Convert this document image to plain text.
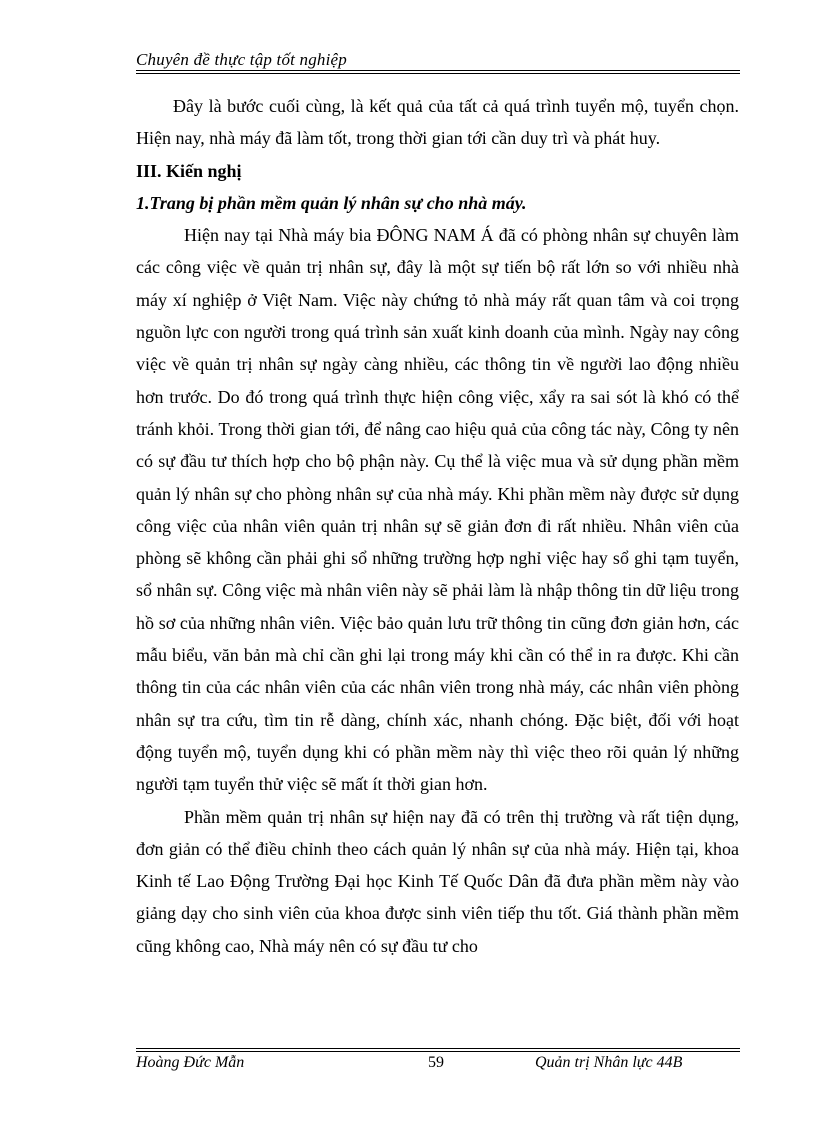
Chuyên đề thực tập tốt nghiệp

Đây là bước cuối cùng, là kết quả của tất cả quá trình tuyển mộ, tuyển chọn. Hiện nay, nhà máy đã làm tốt, trong thời gian tới cần duy trì và phát huy.

III. Kiến nghị

1.Trang bị phần mềm quản lý nhân sự cho nhà máy.

Hiện nay tại Nhà máy bia ĐÔNG NAM Á đã có phòng nhân sự chuyên làm các công việc về quản trị nhân sự, đây là một sự tiến bộ rất lớn so với nhiều nhà máy xí nghiệp ở Việt Nam. Việc này chứng tỏ nhà máy rất quan tâm và coi trọng nguồn lực con người trong quá trình sản xuất kinh doanh của mình. Ngày nay công việc về quản trị nhân sự ngày càng nhiều, các thông tin về người lao động nhiều hơn trước. Do đó trong quá trình thực hiện công việc, xẩy ra sai sót là khó có thể tránh khỏi. Trong thời gian tới, để nâng cao hiệu quả của công tác này, Công ty nên có sự đầu tư thích hợp cho bộ phận này. Cụ thể là việc mua và sử dụng phần mềm quản lý nhân sự cho phòng nhân sự của nhà máy. Khi phần mềm này được sử dụng công việc của nhân viên quản trị nhân sự sẽ giản đơn đi rất nhiều. Nhân viên của phòng sẽ không cần phải ghi sổ những trường hợp nghỉ việc hay sổ ghi tạm tuyển, sổ nhân sự. Công việc mà nhân viên này sẽ phải làm là nhập thông tin dữ liệu trong hồ sơ của những nhân viên. Việc bảo quản lưu trữ thông tin cũng đơn giản hơn, các mẫu biểu, văn bản mà chỉ cần ghi lại trong máy khi cần có thể in ra được. Khi cần thông tin của các nhân viên của các nhân viên trong nhà máy, các nhân viên phòng nhân sự tra cứu, tìm tin rễ dàng, chính xác, nhanh chóng. Đặc biệt, đối với hoạt động tuyển mộ, tuyển dụng khi có phần mềm này thì việc theo rõi quản lý những người tạm tuyển thử việc sẽ mất ít thời gian hơn.

Phần mềm quản trị nhân sự hiện nay đã có trên thị trường và rất tiện dụng, đơn giản có thể điều chỉnh theo cách quản lý nhân sự của nhà máy. Hiện tại, khoa Kinh tế Lao Động Trường Đại học Kinh Tế Quốc Dân đã đưa phần mềm này vào giảng dạy cho sinh viên của khoa được sinh viên tiếp thu tốt. Giá thành phần mềm cũng không cao, Nhà máy nên có sự đầu tư cho

Hoàng Đức Mẫn	59	Quản trị Nhân lực 44B
